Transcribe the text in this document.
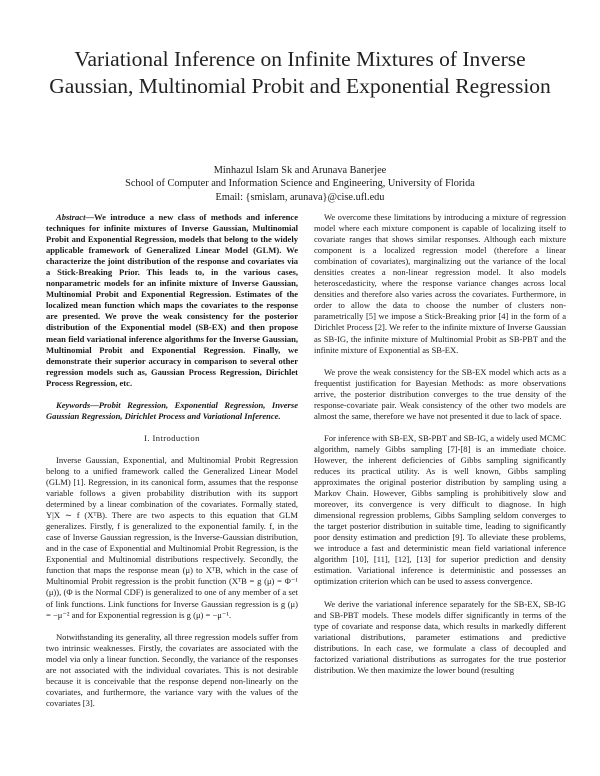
Variational Inference on Infinite Mixtures of Inverse Gaussian, Multinomial Probit and Exponential Regression
Minhazul Islam Sk and Arunava Banerjee
School of Computer and Information Science and Engineering, University of Florida
Email: {smislam, arunava}@cise.ufl.edu

Abstract—We introduce a new class of methods and inference techniques for infinite mixtures of Inverse Gaussian, Multinomial Probit and Exponential Regression, models that belong to the widely applicable framework of Generalized Linear Model (GLM). We characterize the joint distribution of the response and covariates via a Stick-Breaking Prior. This leads to, in the various cases, nonparametric models for an infinite mixture of Inverse Gaussian, Multinomial Probit and Exponential Regression. Estimates of the localized mean function which maps the covariates to the response are presented. We prove the weak consistency for the posterior distribution of the Exponential model (SB-EX) and then propose mean field variational inference algorithms for the Inverse Gaussian, Multinomial Probit and Exponential Regression. Finally, we demonstrate their superior accuracy in comparison to several other regression models such as, Gaussian Process Regression, Dirichlet Process Regression, etc.

Keywords—Probit Regression, Exponential Regression, Inverse Gaussian Regression, Dirichlet Process and Variational Inference.

I. Introduction

Inverse Gaussian, Exponential, and Multinomial Probit Regression belong to a unified framework called the Generalized Linear Model (GLM) [1]. Regression, in its canonical form, assumes that the response variable follows a given probability distribution with its support determined by a linear combination of the covariates. Formally stated, Y|X ∼ f (XᵀΒ). There are two aspects to this equation that GLM generalizes. Firstly, f is generalized to the exponential family. f, in the case of Inverse Gaussian regression, is the Inverse-Gaussian distribution, and in the case of Exponential and Multinomial Probit Regression, is the Exponential and Multinomial distributions respectively. Secondly, the function that maps the response mean (μ) to XᵀΒ, which in the case of Multinomial Probit regression is the probit function (XᵀΒ = g (μ) = Φ⁻¹ (μ)), (Φ is the Normal CDF) is generalized to one of any member of a set of link functions. Link functions for Inverse Gaussian regression is g (μ) = −μ⁻² and for Exponential regression is g (μ) = −μ⁻¹.

Notwithstanding its generality, all three regression models suffer from two intrinsic weaknesses. Firstly, the covariates are associated with the model via only a linear function. Secondly, the variance of the responses are not associated with the individual covariates. This is not desirable because it is conceivable that the response depend non-linearly on the covariates, and furthermore, the variance vary with the values of the covariates [3].

We overcome these limitations by introducing a mixture of regression model where each mixture component is capable of localizing itself to covariate ranges that shows similar responses. Although each mixture component is a localized regression model (therefore a linear combination of covariates), marginalizing out the variance of the local densities creates a non-linear regression model. It also models heteroscedasticity, where the response variance changes across local densities and therefore also varies across the covariates. Furthermore, in order to allow the data to choose the number of clusters non-parametrically [5] we impose a Stick-Breaking prior [4] in the form of a Dirichlet Process [2]. We refer to the infinite mixture of Inverse Gaussian as SB-IG, the infinite mixture of Multinomial Probit as SB-PBT and the infinite mixture of Exponential as SB-EX.

We prove the weak consistency for the SB-EX model which acts as a frequentist justification for Bayesian Methods: as more observations arrive, the posterior distribution converges to the true density of the response-covariate pair. Weak consistency of the other two models are almost the same, therefore we have not presented it due to lack of space.

For inference with SB-EX, SB-PBT and SB-IG, a widely used MCMC algorithm, namely Gibbs sampling [7]-[8] is an immediate choice. However, the inherent deficiencies of Gibbs sampling significantly reduces its practical utility. As is well known, Gibbs sampling approximates the original posterior distribution by sampling using a Markov Chain. However, Gibbs sampling is prohibitively slow and moreover, its convergence is very difficult to diagnose. In high dimensional regression problems, Gibbs Sampling seldom converges to the target posterior distribution in suitable time, leading to significantly poor density estimation and prediction [9]. To alleviate these problems, we introduce a fast and deterministic mean field variational inference algorithm [10], [11], [12], [13] for superior prediction and density estimation. Variational inference is deterministic and possesses an optimization criterion which can be used to assess convergence.

We derive the variational inference separately for the SB-EX, SB-IG and SB-PBT models. These models differ significantly in terms of the type of covariate and response data, which results in markedly different variational distributions, parameter estimations and predictive distributions. In each case, we formulate a class of decoupled and factorized variational distributions as surrogates for the true posterior distribution. We then maximize the lower bound (resulting
